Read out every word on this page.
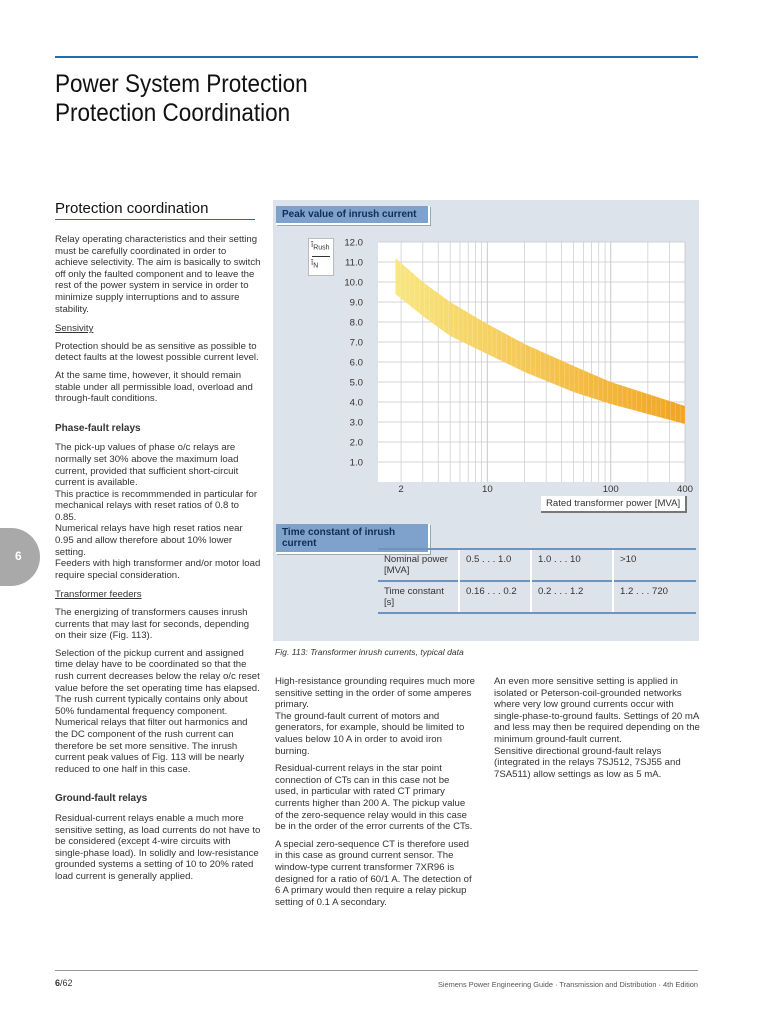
Power System Protection
Protection Coordination
Protection coordination

Relay operating characteristics and their setting must be carefully coordinated in order to achieve selectivity. The aim is basically to switch off only the faulted component and to leave the rest of the power system in service in order to minimize supply interruptions and to assure stability.

Sensivity

Protection should be as sensitive as possible to detect faults at the lowest possible current level.

At the same time, however, it should remain stable under all permissible load, overload and through-fault conditions.

Phase-fault relays

The pick-up values of phase o/c relays are normally set 30% above the maximum load current, provided that sufficient short-circuit current is available.

This practice is recommmended in particular for mechanical relays with reset ratios of 0.8 to 0.85.

Numerical relays have high reset ratios near 0.95 and allow therefore about 10% lower setting.

Feeders with high transformer and/or motor load require special consideration.

Transformer feeders

The energizing of transformers causes inrush currents that may last for seconds, depending on their size (Fig. 113).

Selection of the pickup current and assigned time delay have to be coordinated so that the rush current decreases below the relay o/c reset value before the set operating time has elapsed.

The rush current typically contains only about 50% fundamental frequency component.

Numerical relays that filter out harmonics and the DC component of the rush current can therefore be set more sensitive. The inrush current peak values of Fig. 113 will be nearly reduced to one half in this case.

Ground-fault relays

Residual-current relays enable a much more sensitive setting, as load currents do not have to be considered (except 4-wire circuits with single-phase load). In solidly and low-resistance grounded systems a setting of 10 to 20% rated load current is generally applied.

6
Peak value of inrush current
$î_{Rush}$
$î_N$
12.0
11.0
10.0
9.0
8.0
7.0
6.0
5.0
4.0
3.0
2.0
1.0
2	10	100	400
Rated transformer power [MVA]
Time constant of inrush current
Nominal power [MVA]	0.5 . . . 1.0	1.0 . . . 10	>10
Time constant [s]	0.16 . . . 0.2	0.2 . . . 1.2	1.2 . . . 720
Fig. 113: Transformer inrush currents, typical data

High-resistance grounding requires much more sensitive setting in the order of some amperes primary.

The ground-fault current of motors and generators, for example, should be limited to values below 10 A in order to avoid iron burning.

Residual-current relays in the star point connection of CTs can in this case not be used, in particular with rated CT primary currents higher than 200 A. The pickup value of the zero-sequence relay would in this case be in the order of the error currents of the CTs.

A special zero-sequence CT is therefore used in this case as ground current sensor. The window-type current transformer 7XR96 is designed for a ratio of 60/1 A. The detection of 6 A primary would then require a relay pickup setting of 0.1 A secondary.

An even more sensitive setting is applied in isolated or Peterson-coil-grounded networks where very low ground currents occur with single-phase-to-ground faults. Settings of 20 mA and less may then be required depending on the minimum ground-fault current.

Sensitive directional ground-fault relays (integrated in the relays 7SJ512, 7SJ55 and 7SA511) allow settings as low as 5 mA.

6/62	Siemens Power Engineering Guide · Transmission and Distribution · 4th Edition
